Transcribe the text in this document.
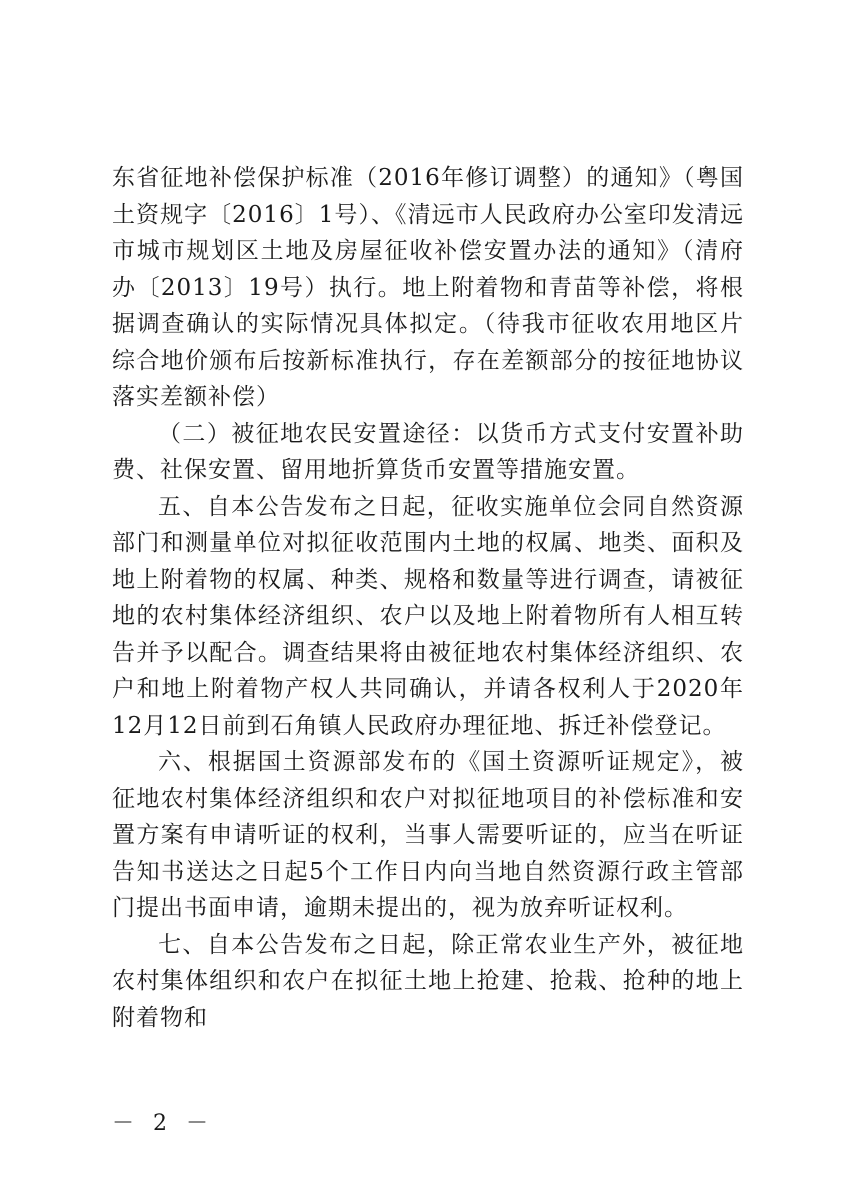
东省征地补偿保护标准（2016年修订调整）的通知》（粤国土资规字〔2016〕1号）、《清远市人民政府办公室印发清远市城市规划区土地及房屋征收补偿安置办法的通知》（清府办〔2013〕19号）执行。地上附着物和青苗等补偿，将根据调查确认的实际情况具体拟定。（待我市征收农用地区片综合地价颁布后按新标准执行，存在差额部分的按征地协议落实差额补偿）

（二）被征地农民安置途径：以货币方式支付安置补助费、社保安置、留用地折算货币安置等措施安置。

五、自本公告发布之日起，征收实施单位会同自然资源部门和测量单位对拟征收范围内土地的权属、地类、面积及地上附着物的权属、种类、规格和数量等进行调查，请被征地的农村集体经济组织、农户以及地上附着物所有人相互转告并予以配合。调查结果将由被征地农村集体经济组织、农户和地上附着物产权人共同确认，并请各权利人于2020年12月12日前到石角镇人民政府办理征地、拆迁补偿登记。

六、根据国土资源部发布的《国土资源听证规定》，被征地农村集体经济组织和农户对拟征地项目的补偿标准和安置方案有申请听证的权利，当事人需要听证的，应当在听证告知书送达之日起5个工作日内向当地自然资源行政主管部门提出书面申请，逾期未提出的，视为放弃听证权利。

七、自本公告发布之日起，除正常农业生产外，被征地农村集体组织和农户在拟征土地上抢建、抢栽、抢种的地上附着物和

－ 2 －
